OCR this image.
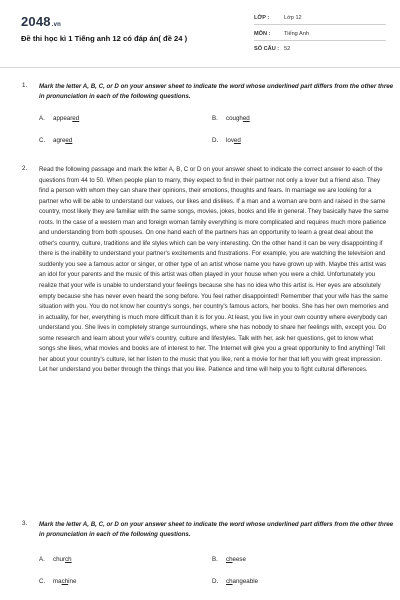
2048.vn
Đề thi học kì 1 Tiếng anh 12 có đáp án( đề 24 )
LỚP :	Lớp 12
MÔN : Tiếng Anh
SỐ CÂU : 52
1. Mark the letter A, B, C, or D on your answer sheet to indicate the word whose underlined part differs from the other three in pronunciation in each of the following questions.
A. appeared	B. coughed
C. agreed	D. loved
2. Read the following passage and mark the letter A, B, C or D on your answer sheet to indicate the correct answer to each of the questions from 44 to 50. When people plan to marry, they expect to find in their partner not only a lover but a friend also. They find a person with whom they can share their opinions, their emotions, thoughts and fears. In marriage we are looking for a partner who will be able to understand our values, our likes and dislikes. If a man and a woman are born and raised in the same country, most likely they are familiar with the same songs, movies, jokes, books and life in general. They basically have the same roots. In the case of a western man and foreign woman family everything is more complicated and requires much more patience and understanding from both spouses. On one hand each of the partners has an opportunity to learn a great deal about the other's country, culture, traditions and life styles which can be very interesting. On the other hand it can be very disappointing if there is the inability to understand your partner's excitements and frustrations. For example, you are watching the television and suddenly you see a famous actor or singer, or other type of an artist whose name you have grown up with. Maybe this artist was an idol for your parents and the music of this artist was often played in your house when you were a child. Unfortunately you realize that your wife is unable to understand your feelings because she has no idea who this artist is. Her eyes are absolutely empty because she has never even heard the song before. You feel rather disappointed! Remember that your wife has the same situation with you. You do not know her country's songs, her country's famous actors, her books. She has her own memories and in actuality, for her, everything is much more difficult than it is for you. At least, you live in your own country where everybody can understand you. She lives in completely strange surroundings, where she has nobody to share her feelings with, except you. Do some research and learn about your wife's country, culture and lifestyles. Talk with her, ask her questions, get to know what songs she likes, what movies and books are of interest to her. The Internet will give you a great opportunity to find anything! Tell her about your country's culture, let her listen to the music that you like, rent a movie for her that left you with great impression. Let her understand you better through the things that you like. Patience and time will help you to fight cultural differences.

3. Mark the letter A, B, C, or D on your answer sheet to indicate the word whose underlined part differs from the other three in pronunciation in each of the following questions.
A. church	B. cheese
C. machine	D. changeable
